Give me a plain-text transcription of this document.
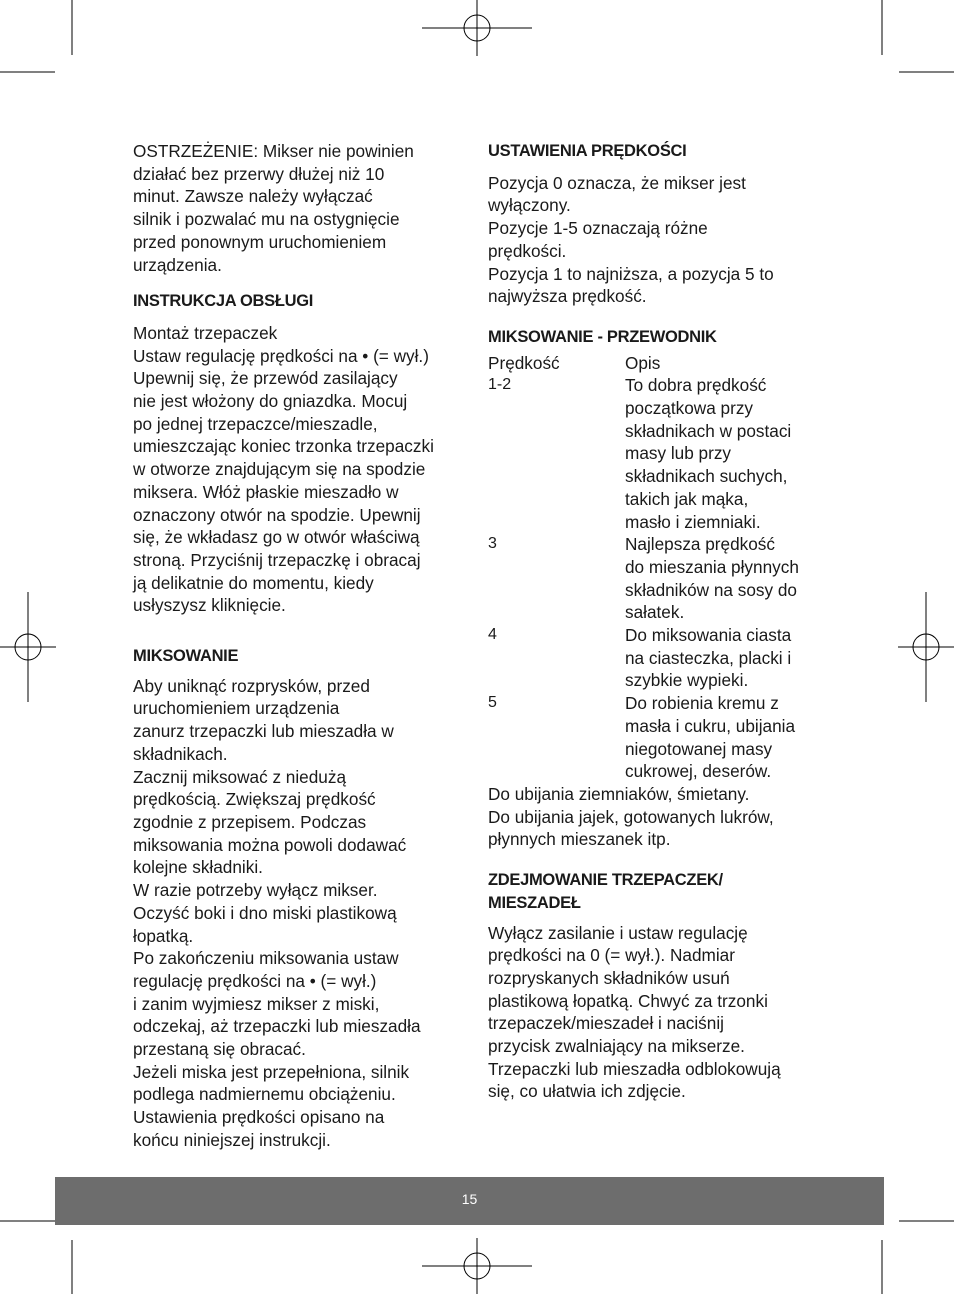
OSTRZEŻENIE: Mikser nie powinien
działać bez przerwy dłużej niż 10
minut. Zawsze należy wyłączać
silnik i pozwalać mu na ostygnięcie
przed ponownym uruchomieniem
urządzenia.

INSTRUKCJA OBSŁUGI

Montaż trzepaczek
Ustaw regulację prędkości na • (= wył.)
Upewnij się, że przewód zasilający
nie jest włożony do gniazdka. Mocuj
po jednej trzepaczce/mieszadle,
umieszczając koniec trzonka trzepaczki
w otworze znajdującym się na spodzie
miksera. Włóż płaskie mieszadło w
oznaczony otwór na spodzie. Upewnij
się, że wkładasz go w otwór właściwą
stroną. Przyciśnij trzepaczkę i obracaj
ją delikatnie do momentu, kiedy
usłyszysz kliknięcie.

MIKSOWANIE

Aby uniknąć rozprysków, przed
uruchomieniem urządzenia
zanurz trzepaczki lub mieszadła w
składnikach.
Zacznij miksować z niedużą
prędkością. Zwiększaj prędkość
zgodnie z przepisem. Podczas
miksowania można powoli dodawać
kolejne składniki.
W razie potrzeby wyłącz mikser.
Oczyść boki i dno miski plastikową
łopatką.
Po zakończeniu miksowania ustaw
regulację prędkości na • (= wył.)
i zanim wyjmiesz mikser z miski,
odczekaj, aż trzepaczki lub mieszadła
przestaną się obracać.
Jeżeli miska jest przepełniona, silnik
podlega nadmiernemu obciążeniu.
Ustawienia prędkości opisano na
końcu niniejszej instrukcji.

USTAWIENIA PRĘDKOŚCI

Pozycja 0 oznacza, że mikser jest
wyłączony.
Pozycje 1-5 oznaczają różne
prędkości.
Pozycja 1 to najniższa, a pozycja 5 to
najwyższa prędkość.

MIKSOWANIE - PRZEWODNIK
Prędkość	Opis
1-2	To dobra prędkość
początkowa przy
składnikach w postaci
masy lub przy
składnikach suchych,
takich jak mąka,
masło i ziemniaki.
3	Najlepsza prędkość
do mieszania płynnych
składników na sosy do
sałatek.
4	Do miksowania ciasta
na ciasteczka, placki i
szybkie wypieki.
5	Do robienia kremu z
masła i cukru, ubijania
niegotowanej masy
cukrowej, deserów.

Do ubijania ziemniaków, śmietany.
Do ubijania jajek, gotowanych lukrów,
płynnych mieszanek itp.

ZDEJMOWANIE TRZEPACZEK/
MIESZADEŁ

Wyłącz zasilanie i ustaw regulację
prędkości na 0 (= wył.). Nadmiar
rozpryskanych składników usuń
plastikową łopatką. Chwyć za trzonki
trzepaczek/mieszadeł i naciśnij
przycisk zwalniający na mikserze.
Trzepaczki lub mieszadła odblokowują
się, co ułatwia ich zdjęcie.

15
